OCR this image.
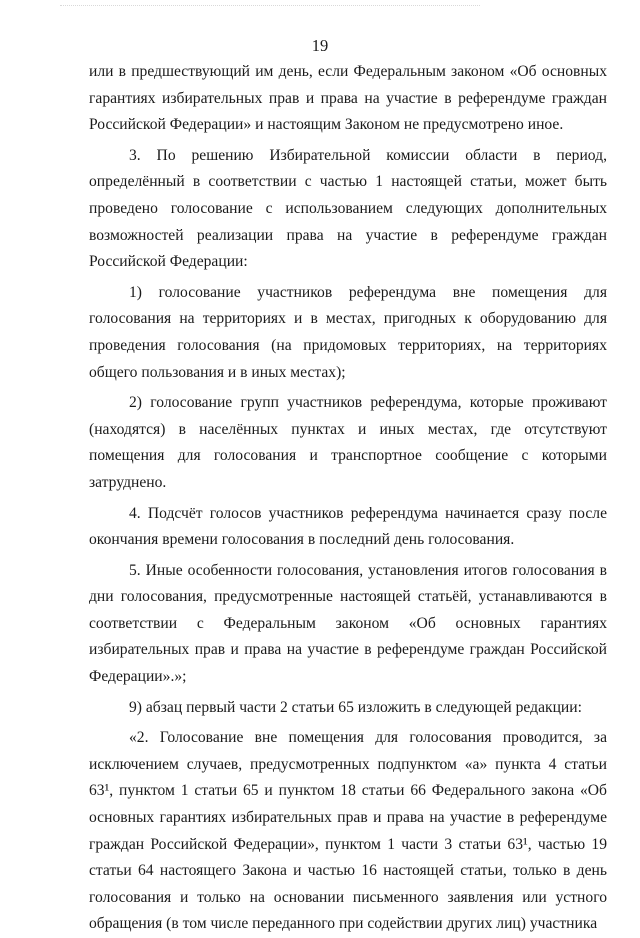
19

или в предшествующий им день, если Федеральным законом «Об основных гарантиях избирательных прав и права на участие в референдуме граждан Российской Федерации» и настоящим Законом не предусмотрено иное.

3. По решению Избирательной комиссии области в период, определённый в соответствии с частью 1 настоящей статьи, может быть проведено голосование с использованием следующих дополнительных возможностей реализации права на участие в референдуме граждан Российской Федерации:

1) голосование участников референдума вне помещения для голосования на территориях и в местах, пригодных к оборудованию для проведения голосования (на придомовых территориях, на территориях общего пользования и в иных местах);

2) голосование групп участников референдума, которые проживают (находятся) в населённых пунктах и иных местах, где отсутствуют помещения для голосования и транспортное сообщение с которыми затруднено.

4. Подсчёт голосов участников референдума начинается сразу после окончания времени голосования в последний день голосования.

5. Иные особенности голосования, установления итогов голосования в дни голосования, предусмотренные настоящей статьёй, устанавливаются в соответствии с Федеральным законом «Об основных гарантиях избирательных прав и права на участие в референдуме граждан Российской Федерации».»;

9) абзац первый части 2 статьи 65 изложить в следующей редакции:

«2. Голосование вне помещения для голосования проводится, за исключением случаев, предусмотренных подпунктом «а» пункта 4 статьи 63¹, пунктом 1 статьи 65 и пунктом 18 статьи 66 Федерального закона «Об основных гарантиях избирательных прав и права на участие в референдуме граждан Российской Федерации», пунктом 1 части 3 статьи 63¹, частью 19 статьи 64 настоящего Закона и частью 16 настоящей статьи, только в день голосования и только на основании письменного заявления или устного обращения (в том числе переданного при содействии других лиц) участника
